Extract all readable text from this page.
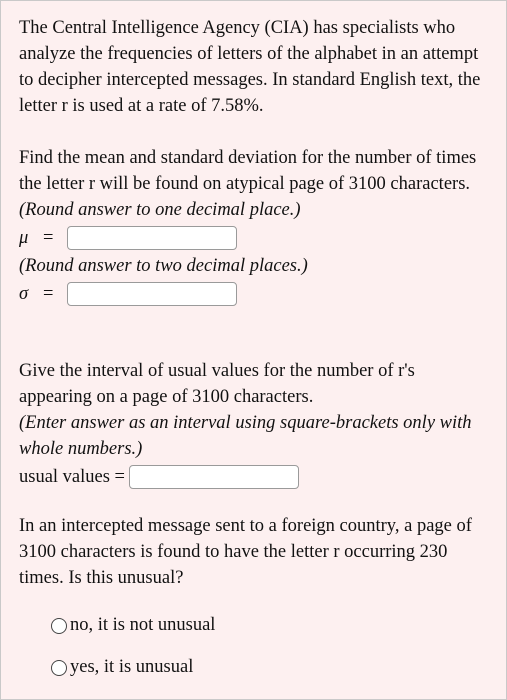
The Central Intelligence Agency (CIA) has specialists who analyze the frequencies of letters of the alphabet in an attempt to decipher intercepted messages. In standard English text, the letter r is used at a rate of 7.58%.

Find the mean and standard deviation for the number of times the letter r will be found on atypical page of 3100 characters.

(Round answer to one decimal place.)

μ =

(Round answer to two decimal places.)

σ =

Give the interval of usual values for the number of r's appearing on a page of 3100 characters.

(Enter answer as an interval using square-brackets only with whole numbers.)

usual values =

In an intercepted message sent to a foreign country, a page of 3100 characters is found to have the letter r occurring 230 times. Is this unusual?

no, it is not unusual
yes, it is unusual
